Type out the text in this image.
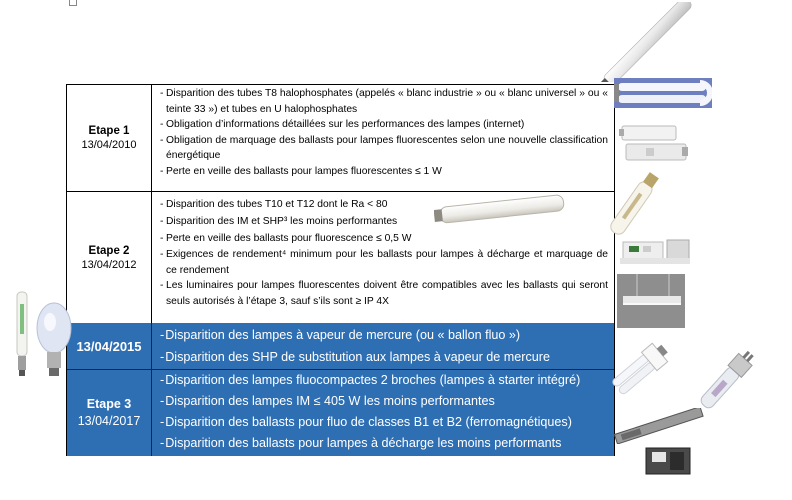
Etape 1
13/04/2010

- Disparition des tubes T8 halophosphates (appelés « blanc industrie » ou « blanc universel » ou « teinte 33 ») et tubes en U halophosphates

- Obligation d’informations détaillées sur les performances des lampes (internet)

- Obligation de marquage des ballasts pour lampes fluorescentes selon une nouvelle classification énergétique

- Perte en veille des ballasts pour lampes fluorescentes ≤ 1 W

Etape 2
13/04/2012

- Disparition des tubes T10 et T12 dont le Ra < 80

- Disparition des IM et SHP³ les moins performantes

- Perte en veille des ballasts pour fluorescence ≤ 0,5 W

- Exigences de rendement⁴ minimum pour les ballasts pour lampes à décharge et marquage de ce rendement

- Les luminaires pour lampes fluorescentes doivent être compatibles avec les ballasts qui seront seuls autorisés à l’étape 3, sauf s’ils sont ≥ IP 4X

13/04/2015

- Disparition des lampes à vapeur de mercure (ou « ballon fluo »)

- Disparition des SHP de substitution aux lampes à vapeur de mercure

Etape 3
13/04/2017

- Disparition des lampes fluocompactes 2 broches (lampes à starter intégré)

- Disparition des lampes IM ≤ 405 W les moins performantes

- Disparition des ballasts pour fluo de classes B1 et B2 (ferromagnétiques)

- Disparition des ballasts pour lampes à décharge les moins performants
